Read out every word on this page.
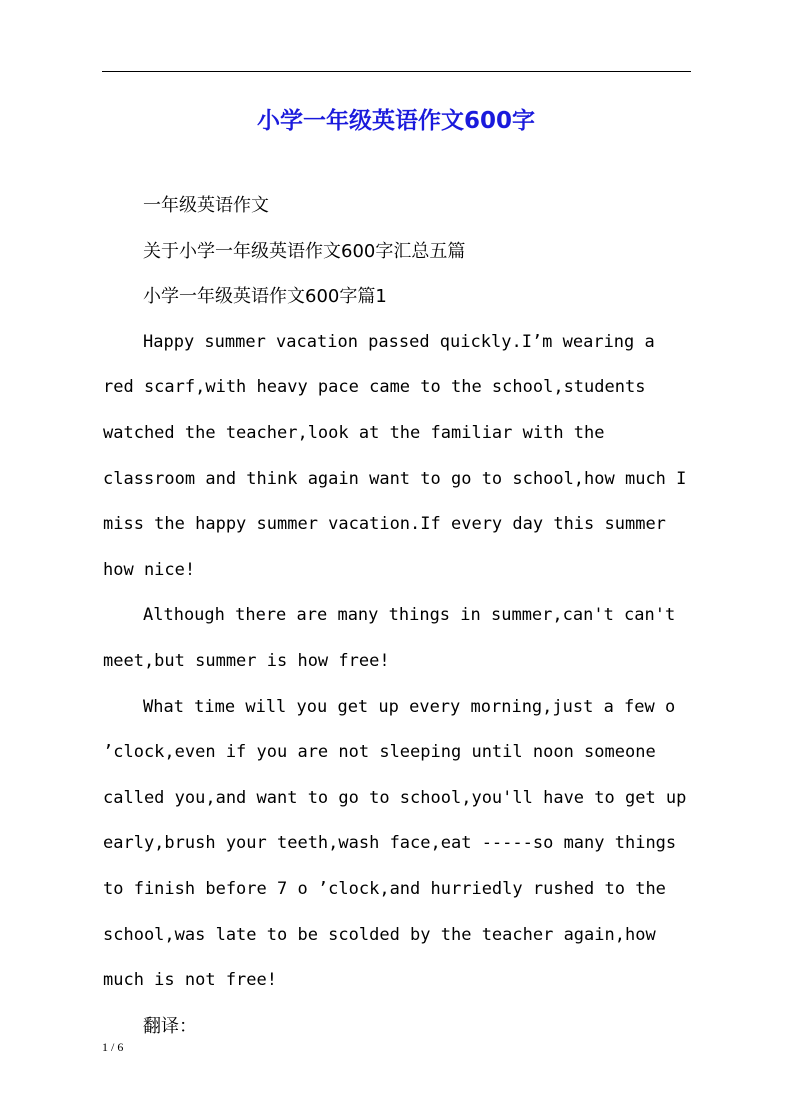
小学一年级英语作文600字

一年级英语作文

关于小学一年级英语作文600字汇总五篇

小学一年级英语作文600字篇1

Happy summer vacation passed quickly.I’m wearing a red scarf,with heavy pace came to the school,students watched the teacher,look at the familiar with the classroom and think again want to go to school,how much I miss the happy summer vacation.If every day this summer how nice!

Although there are many things in summer,can't can't meet,but summer is how free!

What time will you get up every morning,just a few o ’clock,even if you are not sleeping until noon someone called you,and want to go to school,you'll have to get up early,brush your teeth,wash face,eat -----so many things to finish before 7 o ’clock,and hurriedly rushed to the school,was late to be scolded by the teacher again,how much is not free!

翻译：

1 / 6
